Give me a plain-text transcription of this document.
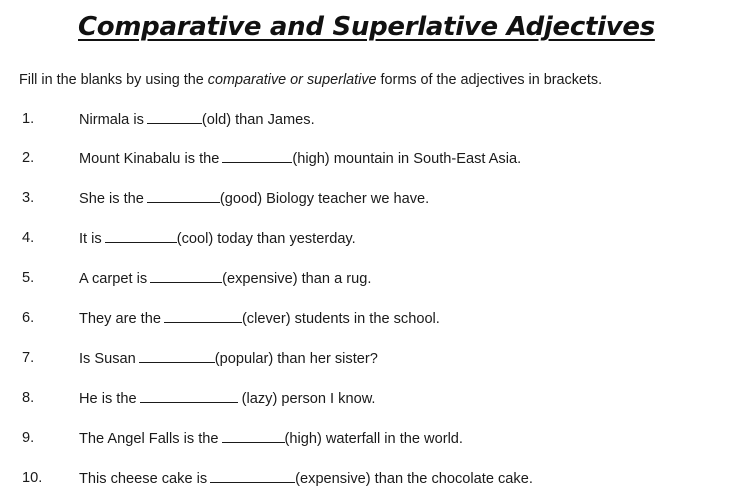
Comparative and Superlative Adjectives

Fill in the blanks by using the comparative or superlative forms of the adjectives in brackets.

1.	Nirmala is	(old) than James.
2.	Mount Kinabalu is the	(high) mountain in South-East Asia.
3.	She is the	(good) Biology teacher we have.
4.	It is	(cool) today than yesterday.
5.	A carpet is	(expensive) than a rug.
6.	They are the	(clever) students in the school.
7.	Is Susan	(popular) than her sister?
8.	He is the	(lazy) person I know.
9.	The Angel Falls is the	(high) waterfall in the world.
10.	This cheese cake is	(expensive) than the chocolate cake.
